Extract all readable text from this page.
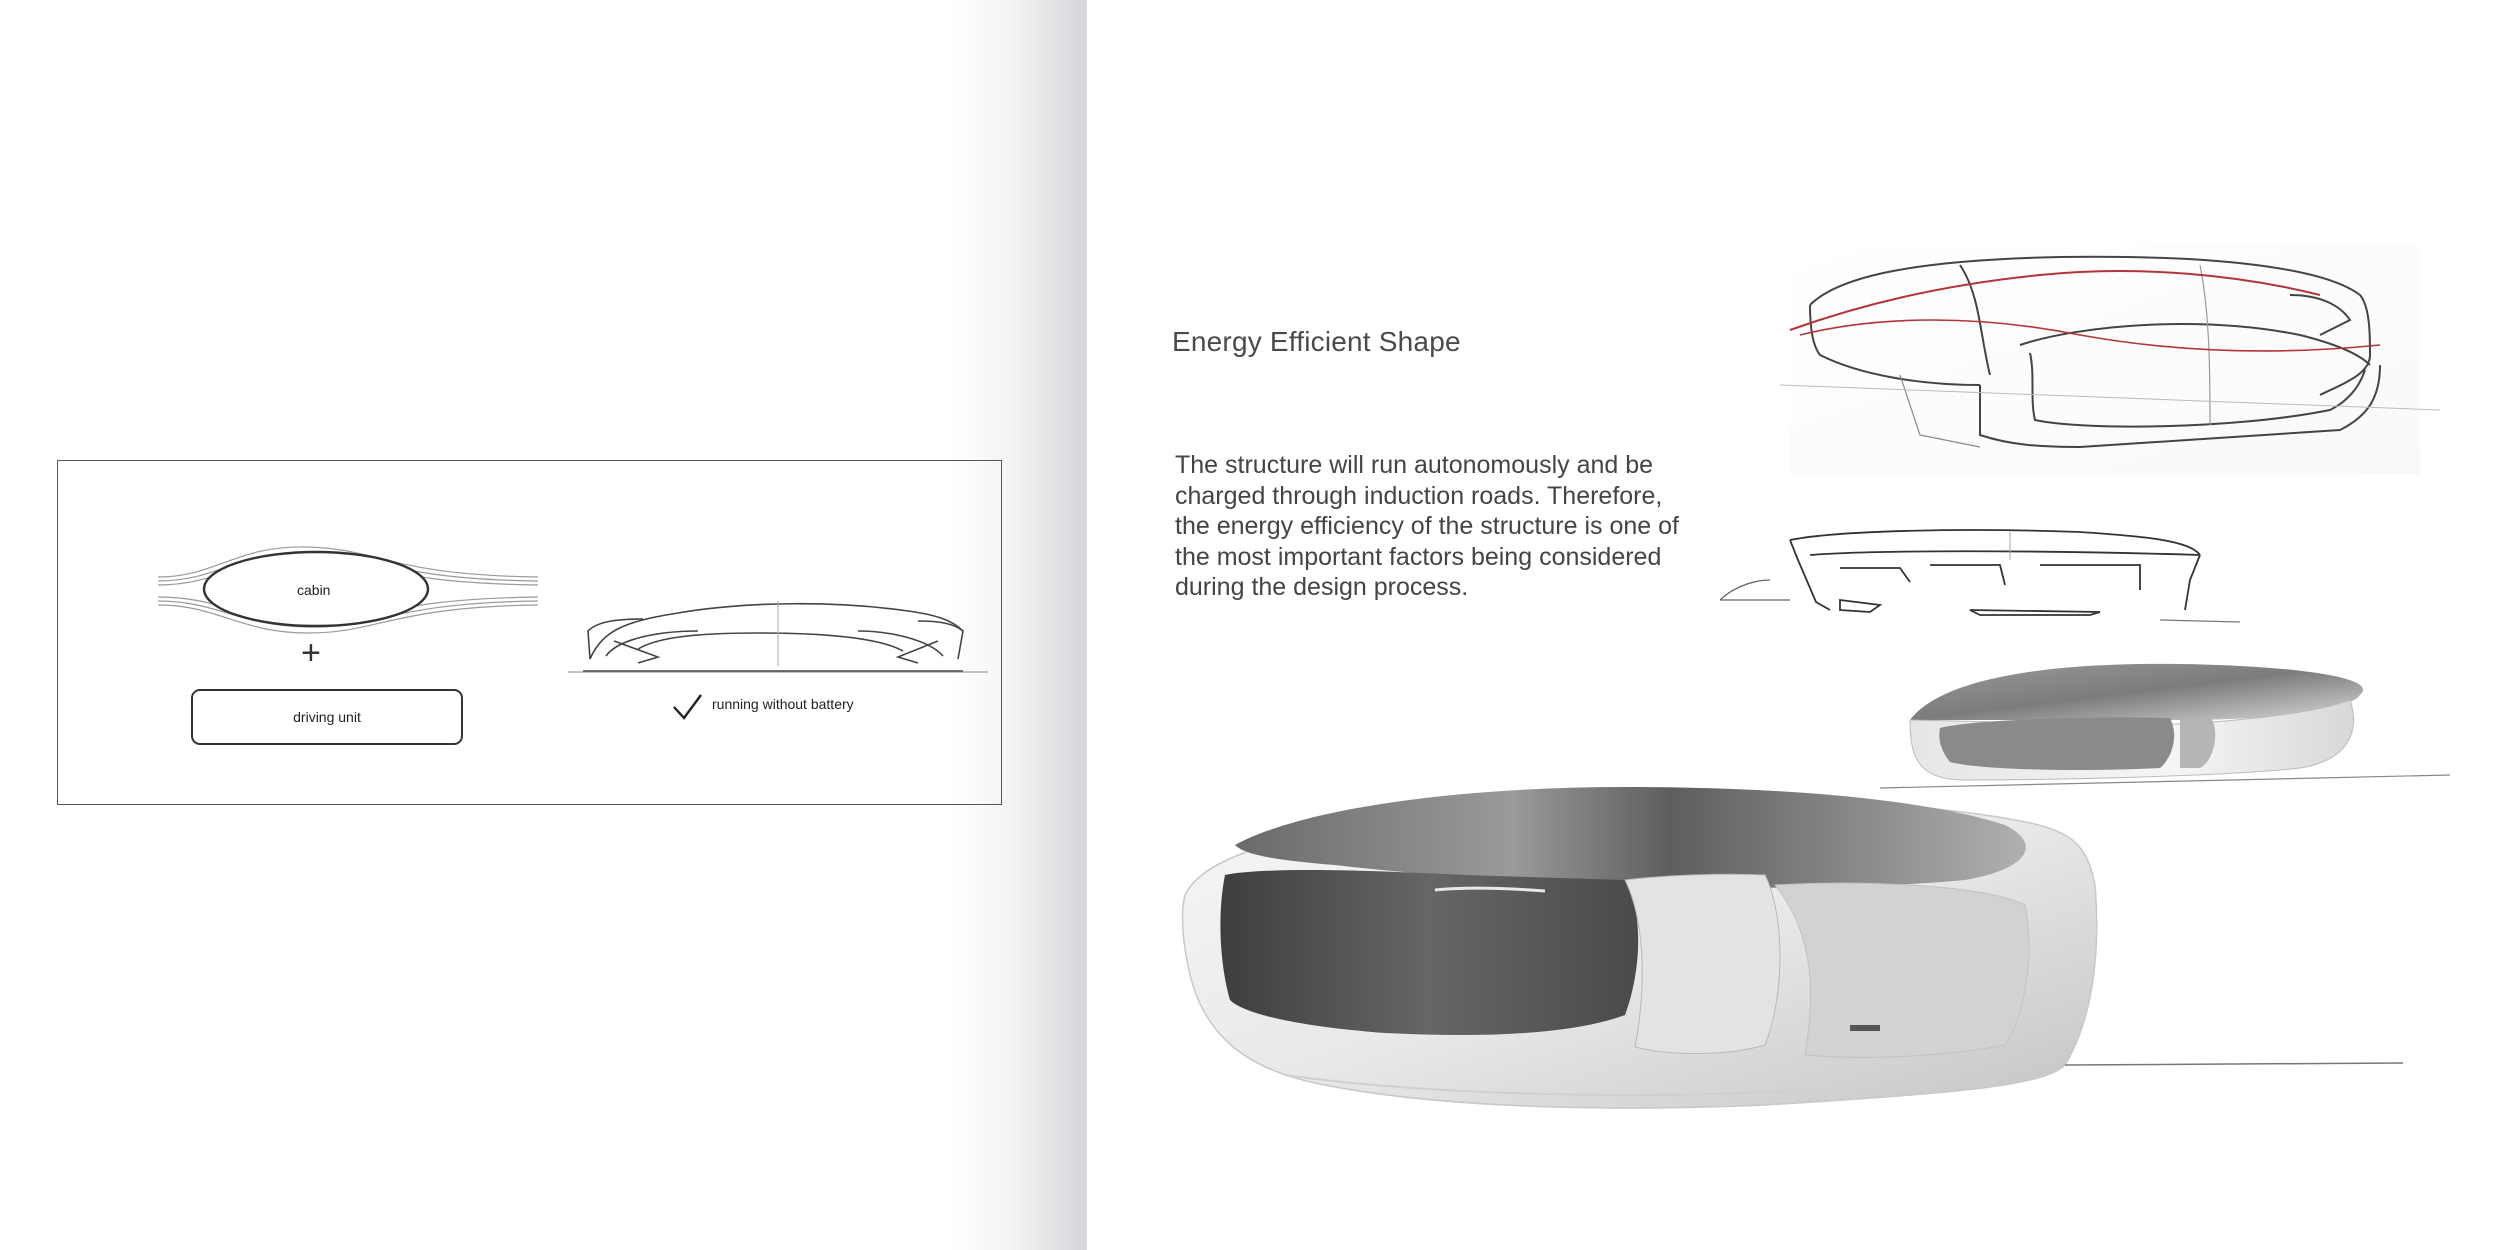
cabin
+
driving unit
running without battery
Energy Efficient Shape
The structure will run autonomously and be charged through induction roads. Therefore, the energy efficiency of the structure is one of the most important factors being considered during the design process.
